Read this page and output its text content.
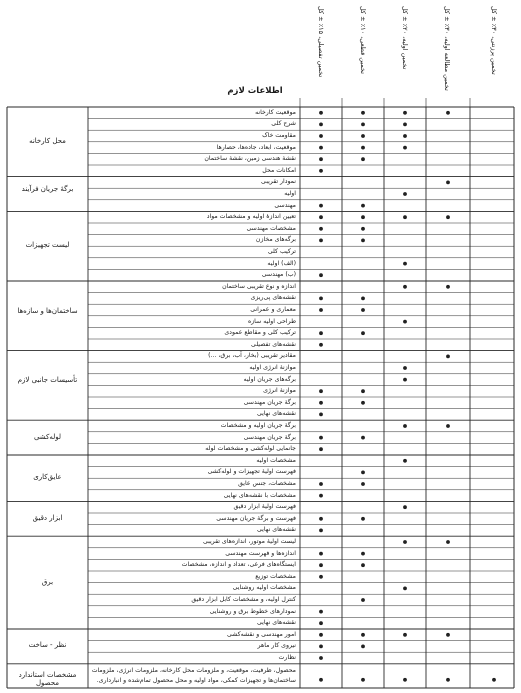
اطلاعات لازم
تخمین تفصیلی، ۱۵٪ ± کل
تخمین قطعی، ۱۰٪ ± کل
تخمین اولیه، ۲۰٪ ± کل
تخمین مطالعه اولیه، ۳۰٪ ± کل
تخمین پرزنتی، ۳۰٪ ± کل
موقعیت کارخانه
شرح کلی
مقاومت خاک
موقعیت، ابعاد، جاده‌ها، حصارها
نقشهٔ هندسی زمین، نقشهٔ ساختمان
امکانات محل
محل کارخانه
نمودار تقریبی
اولیه
مهندسی
برگهٔ جریان فرآیند
تعیین اندازهٔ اولیه و مشخصات مواد
مشخصات مهندسی
برگه‌های مخازن
ترکیب کلی
(الف) اولیه
(ب) مهندسی
لیست تجهیزات
اندازه و نوع تقریبی ساختمان
نقشه‌های پی‌ریزی
معماری و عمرانی
طراحی اولیه سازه
ترکیب کلی و مقاطع عمودی
نقشه‌های تفصیلی
ساختمان‌ها و سازه‌ها
مقادیر تقریبی (بخار، آب، برق، ...)
موازنهٔ انرژی اولیه
برگه‌های جریان اولیه
موازنهٔ انرژی
برگهٔ جریان مهندسی
نقشه‌های نهایی
تأسیسات جانبی لازم
برگهٔ جریان اولیه و مشخصات
برگهٔ جریان مهندسی
جانمایی لوله‌کشی و مشخصات لوله
لوله‌کشی
مشخصات اولیه
فهرست اولیهٔ تجهیزات و لوله‌کشی
مشخصات، جنس عایق
مشخصات با نقشه‌های نهایی
عایق‌کاری
فهرست اولیهٔ ابزار دقیق
فهرست و برگهٔ جریان مهندسی
نقشه‌های نهایی
ابزار دقیق
لیست اولیهٔ موتور، اندازه‌های تقریبی
اندازه‌ها و فهرست مهندسی
ایستگاه‌های فرعی، تعداد و اندازه، مشخصات
مشخصات توزیع
مشخصات اولیه روشنایی
کنترل اولیه، و مشخصات کابل ابزار دقیق
نمودارهای خطوط برق و روشنایی
نقشه‌های نهایی
برق
امور مهندسی و نقشه‌کشی
نیروی کار ماهر
نظارت
نظر - ساخت
محصول، ظرفیت، موقعیت، و ملزومات محل کارخانه، ملزومات انرژی، ملزومات ساختمان‌ها و تجهیزات کمکی، مواد اولیه و محل محصول تمام‌شده و انبارداری.
مشخصات استاندارد محصول
